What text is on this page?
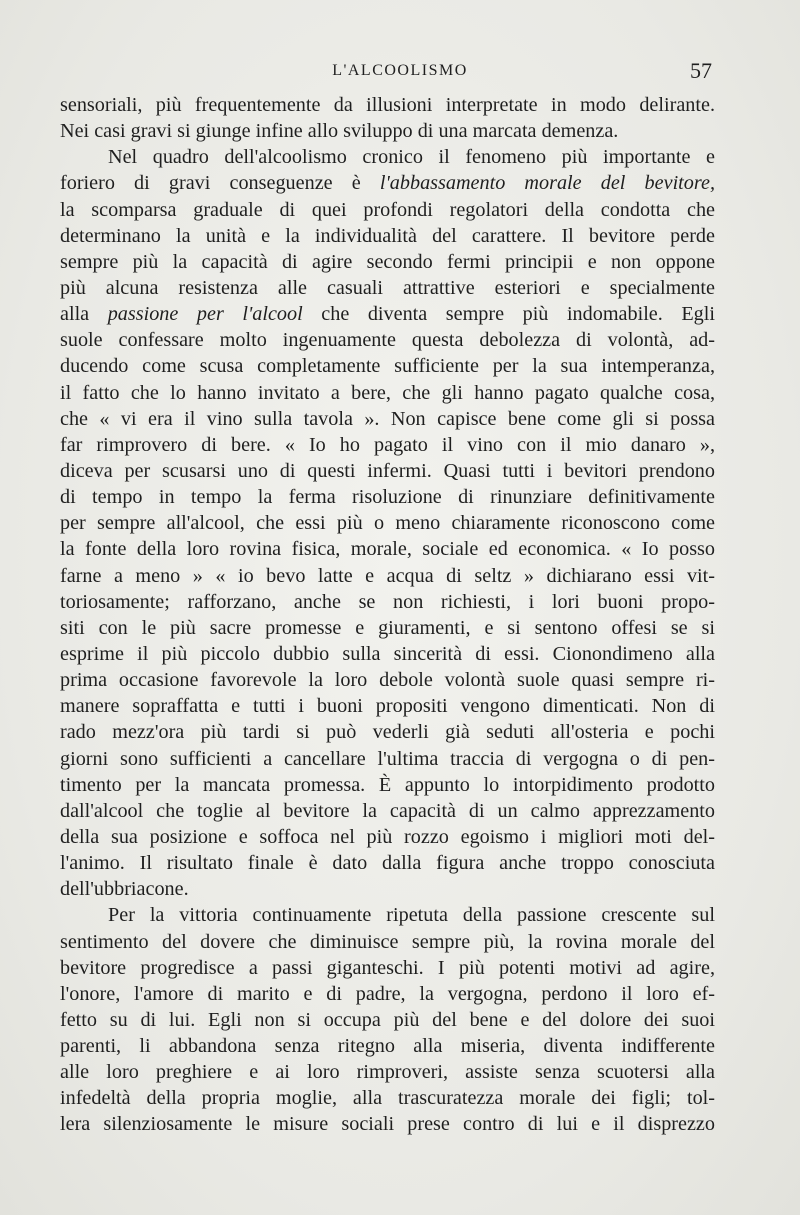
L'ALCOOLISMO	57
sensoriali, più frequentemente da illusioni interpretate in modo delirante.
Nei casi gravi si giunge infine allo sviluppo di una marcata demenza.
Nel quadro dell'alcoolismo cronico il fenomeno più importante e
foriero di gravi conseguenze è l'abbassamento morale del bevitore,
la scomparsa graduale di quei profondi regolatori della condotta che
determinano la unità e la individualità del carattere. Il bevitore perde
sempre più la capacità di agire secondo fermi principii e non oppone
più alcuna resistenza alle casuali attrattive esteriori e specialmente
alla passione per l'alcool che diventa sempre più indomabile. Egli
suole confessare molto ingenuamente questa debolezza di volontà, ad-
ducendo come scusa completamente sufficiente per la sua intemperanza,
il fatto che lo hanno invitato a bere, che gli hanno pagato qualche cosa,
che « vi era il vino sulla tavola ». Non capisce bene come gli si possa
far rimprovero di bere. « Io ho pagato il vino con il mio danaro »,
diceva per scusarsi uno di questi infermi. Quasi tutti i bevitori prendono
di tempo in tempo la ferma risoluzione di rinunziare definitivamente
per sempre all'alcool, che essi più o meno chiaramente riconoscono come
la fonte della loro rovina fisica, morale, sociale ed economica. « Io posso
farne a meno » « io bevo latte e acqua di seltz » dichiarano essi vit-
toriosamente; rafforzano, anche se non richiesti, i lori buoni propo-
siti con le più sacre promesse e giuramenti, e si sentono offesi se si
esprime il più piccolo dubbio sulla sincerità di essi. Cionondimeno alla
prima occasione favorevole la loro debole volontà suole quasi sempre ri-
manere sopraffatta e tutti i buoni propositi vengono dimenticati. Non di
rado mezz'ora più tardi si può vederli già seduti all'osteria e pochi
giorni sono sufficienti a cancellare l'ultima traccia di vergogna o di pen-
timento per la mancata promessa. È appunto lo intorpidimento prodotto
dall'alcool che toglie al bevitore la capacità di un calmo apprezzamento
della sua posizione e soffoca nel più rozzo egoismo i migliori moti del-
l'animo. Il risultato finale è dato dalla figura anche troppo conosciuta
dell'ubbriacone.
Per la vittoria continuamente ripetuta della passione crescente sul
sentimento del dovere che diminuisce sempre più, la rovina morale del
bevitore progredisce a passi giganteschi. I più potenti motivi ad agire,
l'onore, l'amore di marito e di padre, la vergogna, perdono il loro ef-
fetto su di lui. Egli non si occupa più del bene e del dolore dei suoi
parenti, li abbandona senza ritegno alla miseria, diventa indifferente
alle loro preghiere e ai loro rimproveri, assiste senza scuotersi alla
infedeltà della propria moglie, alla trascuratezza morale dei figli; tol-
lera silenziosamente le misure sociali prese contro di lui e il disprezzo
